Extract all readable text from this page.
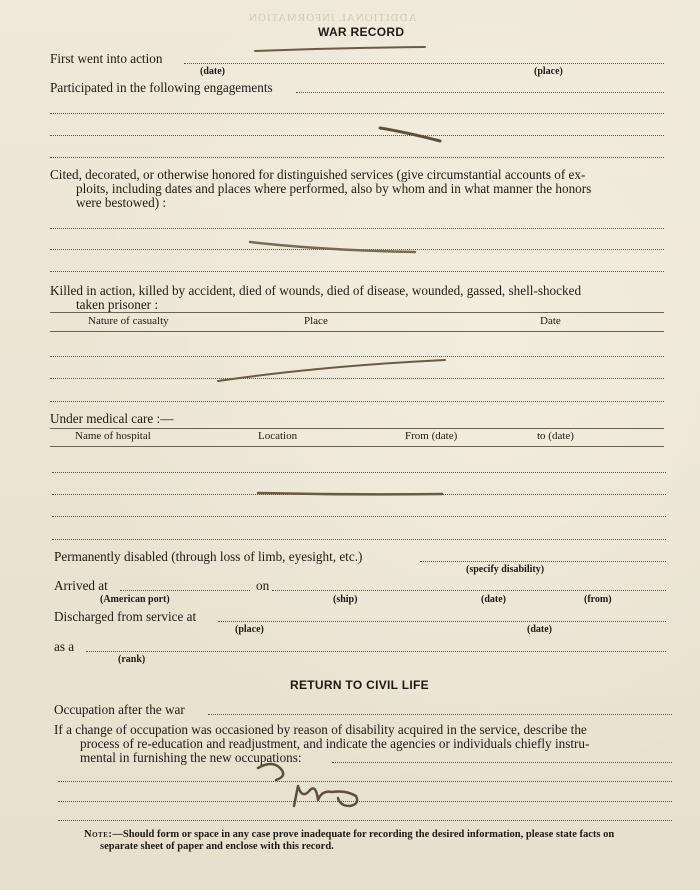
ADDITIONAL INFORMATION
WAR RECORD
First went into action
(date)	(place)
Participated in the following engagements
Cited, decorated, or otherwise honored for distinguished services (give circumstantial accounts of ex-
ploits, including dates and places where performed, also by whom and in what manner the honors
were bestowed) :
Killed in action, killed by accident, died of wounds, died of disease, wounded, gassed, shell-shocked
taken prisoner :
Nature of casualty	Place	Date
Under medical care :—
Name of hospital	Location	From (date)	to (date)
Permanently disabled (through loss of limb, eyesight, etc.)
(specify disability)
Arrived at	on
(American port)	(ship)	(date)	(from)
Discharged from service at
(place)	(date)
as a
(rank)
RETURN TO CIVIL LIFE
Occupation after the war
If a change of occupation was occasioned by reason of disability acquired in the service, describe the
process of re-education and readjustment, and indicate the agencies or individuals chiefly instru-
mental in furnishing the new occupations:
Note:—Should form or space in any case prove inadequate for recording the desired information, please state facts on
separate sheet of paper and enclose with this record.
